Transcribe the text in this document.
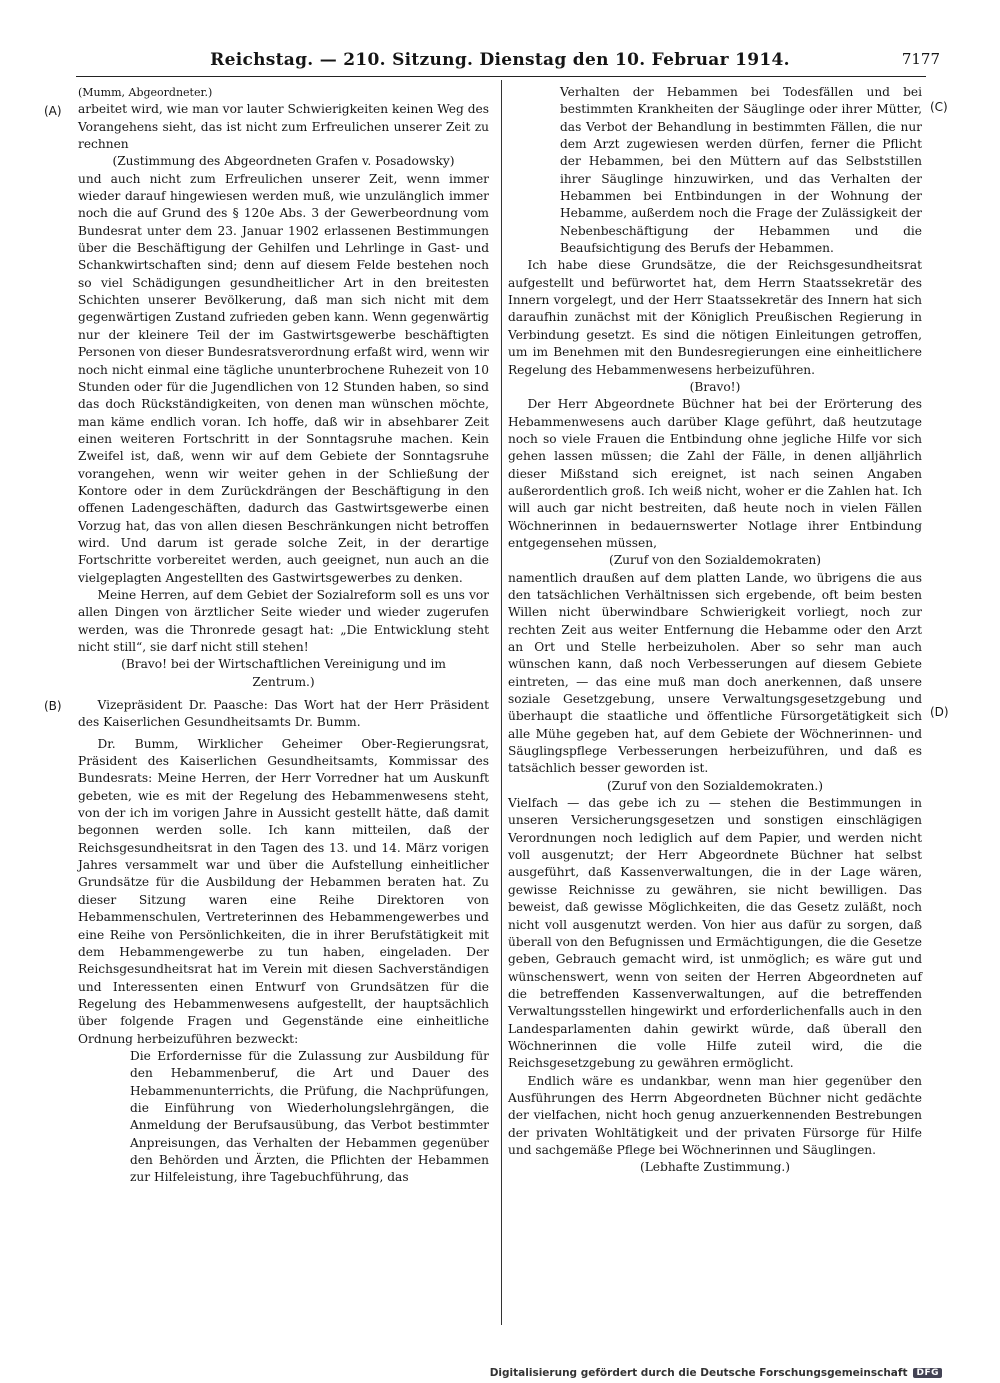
Reichstag. — 210. Sitzung. Dienstag den 10. Februar 1914.	7177
(A)
(B)
(C)
(D)

(Mumm, Abgeordneter.)

arbeitet wird, wie man vor lauter Schwierigkeiten keinen Weg des Vorangehens sieht, das ist nicht zum Erfreulichen unserer Zeit zu rechnen

(Zustimmung des Abgeordneten Grafen v. Posadowsky)

und auch nicht zum Erfreulichen unserer Zeit, wenn immer wieder darauf hingewiesen werden muß, wie unzulänglich immer noch die auf Grund des § 120e Abs. 3 der Gewerbeordnung vom Bundesrat unter dem 23. Januar 1902 erlassenen Bestimmungen über die Beschäftigung der Gehilfen und Lehrlinge in Gast- und Schankwirtschaften sind; denn auf diesem Felde bestehen noch so viel Schädigungen gesundheitlicher Art in den breitesten Schichten unserer Bevölkerung, daß man sich nicht mit dem gegenwärtigen Zustand zufrieden geben kann. Wenn gegenwärtig nur der kleinere Teil der im Gastwirtsgewerbe beschäftigten Personen von dieser Bundesratsverordnung erfaßt wird, wenn wir noch nicht einmal eine tägliche ununterbrochene Ruhezeit von 10 Stunden oder für die Jugendlichen von 12 Stunden haben, so sind das doch Rückständigkeiten, von denen man wünschen möchte, man käme endlich voran. Ich hoffe, daß wir in absehbarer Zeit einen weiteren Fortschritt in der Sonntagsruhe machen. Kein Zweifel ist, daß, wenn wir auf dem Gebiete der Sonntagsruhe vorangehen, wenn wir weiter gehen in der Schließung der Kontore oder in dem Zurückdrängen der Beschäftigung in den offenen Ladengeschäften, dadurch das Gastwirtsgewerbe einen Vorzug hat, das von allen diesen Beschränkungen nicht betroffen wird. Und darum ist gerade solche Zeit, in der derartige Fortschritte vorbereitet werden, auch geeignet, nun auch an die vielgeplagten Angestellten des Gastwirtsgewerbes zu denken.

Meine Herren, auf dem Gebiet der Sozialreform soll es uns vor allen Dingen von ärztlicher Seite wieder und wieder zugerufen werden, was die Thronrede gesagt hat: „Die Entwicklung steht nicht still“, sie darf nicht still stehen!

(Bravo! bei der Wirtschaftlichen Vereinigung und im Zentrum.)

Vizepräsident Dr. Paasche: Das Wort hat der Herr Präsident des Kaiserlichen Gesundheitsamts Dr. Bumm.

Dr. Bumm, Wirklicher Geheimer Ober-Regierungsrat, Präsident des Kaiserlichen Gesundheitsamts, Kommissar des Bundesrats: Meine Herren, der Herr Vorredner hat um Auskunft gebeten, wie es mit der Regelung des Hebammenwesens steht, von der ich im vorigen Jahre in Aussicht gestellt hätte, daß damit begonnen werden solle. Ich kann mitteilen, daß der Reichsgesundheitsrat in den Tagen des 13. und 14. März vorigen Jahres versammelt war und über die Aufstellung einheitlicher Grundsätze für die Ausbildung der Hebammen beraten hat. Zu dieser Sitzung waren eine Reihe Direktoren von Hebammenschulen, Vertreterinnen des Hebammengewerbes und eine Reihe von Persönlichkeiten, die in ihrer Berufstätigkeit mit dem Hebammengewerbe zu tun haben, eingeladen. Der Reichsgesundheitsrat hat im Verein mit diesen Sachverständigen und Interessenten einen Entwurf von Grundsätzen für die Regelung des Hebammenwesens aufgestellt, der hauptsächlich über folgende Fragen und Gegenstände eine einheitliche Ordnung herbeizuführen bezweckt:

Die Erfordernisse für die Zulassung zur Ausbildung für den Hebammenberuf, die Art und Dauer des Hebammenunterrichts, die Prüfung, die Nachprüfungen, die Einführung von Wiederholungslehrgängen, die Anmeldung der Berufsausübung, das Verbot bestimmter Anpreisungen, das Verhalten der Hebammen gegenüber den Behörden und Ärzten, die Pflichten der Hebammen zur Hilfeleistung, ihre Tagebuchführung, das

Verhalten der Hebammen bei Todesfällen und bei bestimmten Krankheiten der Säuglinge oder ihrer Mütter, das Verbot der Behandlung in bestimmten Fällen, die nur dem Arzt zugewiesen werden dürfen, ferner die Pflicht der Hebammen, bei den Müttern auf das Selbststillen ihrer Säuglinge hinzuwirken, und das Verhalten der Hebammen bei Entbindungen in der Wohnung der Hebamme, außerdem noch die Frage der Zulässigkeit der Nebenbeschäftigung der Hebammen und die Beaufsichtigung des Berufs der Hebammen.

Ich habe diese Grundsätze, die der Reichsgesundheitsrat aufgestellt und befürwortet hat, dem Herrn Staatssekretär des Innern vorgelegt, und der Herr Staatssekretär des Innern hat sich daraufhin zunächst mit der Königlich Preußischen Regierung in Verbindung gesetzt. Es sind die nötigen Einleitungen getroffen, um im Benehmen mit den Bundesregierungen eine einheitlichere Regelung des Hebammenwesens herbeizuführen.

(Bravo!)

Der Herr Abgeordnete Büchner hat bei der Erörterung des Hebammenwesens auch darüber Klage geführt, daß heutzutage noch so viele Frauen die Entbindung ohne jegliche Hilfe vor sich gehen lassen müssen; die Zahl der Fälle, in denen alljährlich dieser Mißstand sich ereignet, ist nach seinen Angaben außerordentlich groß. Ich weiß nicht, woher er die Zahlen hat. Ich will auch gar nicht bestreiten, daß heute noch in vielen Fällen Wöchnerinnen in bedauernswerter Notlage ihrer Entbindung entgegensehen müssen,

(Zuruf von den Sozialdemokraten)

namentlich draußen auf dem platten Lande, wo übrigens die aus den tatsächlichen Verhältnissen sich ergebende, oft beim besten Willen nicht überwindbare Schwierigkeit vorliegt, noch zur rechten Zeit aus weiter Entfernung die Hebamme oder den Arzt an Ort und Stelle herbeizuholen. Aber so sehr man auch wünschen kann, daß noch Verbesserungen auf diesem Gebiete eintreten, — das eine muß man doch anerkennen, daß unsere soziale Gesetzgebung, unsere Verwaltungsgesetzgebung und überhaupt die staatliche und öffentliche Fürsorgetätigkeit sich alle Mühe gegeben hat, auf dem Gebiete der Wöchnerinnen- und Säuglingspflege Verbesserungen herbeizuführen, und daß es tatsächlich besser geworden ist.

(Zuruf von den Sozialdemokraten.)

Vielfach — das gebe ich zu — stehen die Bestimmungen in unseren Versicherungsgesetzen und sonstigen einschlägigen Verordnungen noch lediglich auf dem Papier, und werden nicht voll ausgenutzt; der Herr Abgeordnete Büchner hat selbst ausgeführt, daß Kassenverwaltungen, die in der Lage wären, gewisse Reichnisse zu gewähren, sie nicht bewilligen. Das beweist, daß gewisse Möglichkeiten, die das Gesetz zuläßt, noch nicht voll ausgenutzt werden. Von hier aus dafür zu sorgen, daß überall von den Befugnissen und Ermächtigungen, die die Gesetze geben, Gebrauch gemacht wird, ist unmöglich; es wäre gut und wünschenswert, wenn von seiten der Herren Abgeordneten auf die betreffenden Kassenverwaltungen, auf die betreffenden Verwaltungsstellen hingewirkt und erforderlichenfalls auch in den Landesparlamenten dahin gewirkt würde, daß überall den Wöchnerinnen die volle Hilfe zuteil wird, die die Reichsgesetzgebung zu gewähren ermöglicht.

Endlich wäre es undankbar, wenn man hier gegenüber den Ausführungen des Herrn Abgeordneten Büchner nicht gedächte der vielfachen, nicht hoch genug anzuerkennenden Bestrebungen der privaten Wohltätigkeit und der privaten Fürsorge für Hilfe und sachgemäße Pflege bei Wöchnerinnen und Säuglingen.

(Lebhafte Zustimmung.)

Digitalisierung gefördert durch die Deutsche Forschungsgemeinschaft	DFG
